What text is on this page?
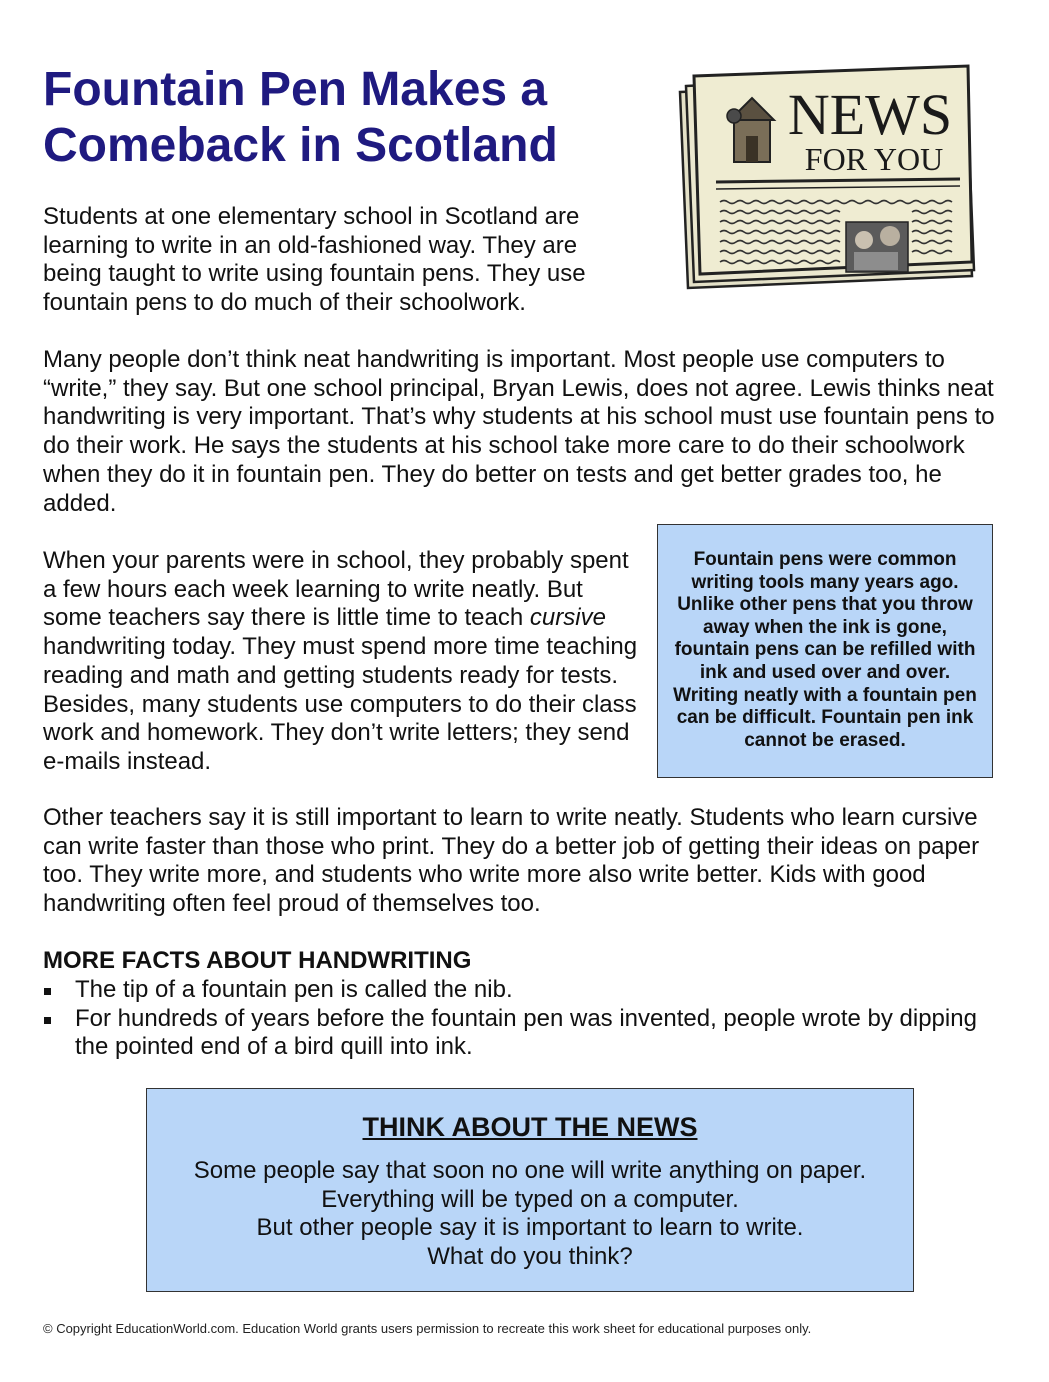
Fountain Pen Makes a Comeback in Scotland	NEWS
FOR YOU

Students at one elementary school in Scotland are learning to write in an old-fashioned way. They are being taught to write using fountain pens. They use fountain pens to do much of their schoolwork.

Many people don’t think neat handwriting is important. Most people use computers to “write,” they say. But one school principal, Bryan Lewis, does not agree. Lewis thinks neat handwriting is very important. That’s why students at his school must use fountain pens to do their work. He says the students at his school take more care to do their schoolwork when they do it in fountain pen. They do better on tests and get better grades too, he added.

When your parents were in school, they probably spent a few hours each week learning to write neatly. But some teachers say there is little time to teach cursive handwriting today. They must spend more time teaching reading and math and getting students ready for tests. Besides, many students use computers to do their class work and homework. They don’t write letters; they send e-mails instead.

Fountain pens were common writing tools many years ago. Unlike other pens that you throw away when the ink is gone, fountain pens can be refilled with ink and used over and over. Writing neatly with a fountain pen can be difficult. Fountain pen ink cannot be erased.

Other teachers say it is still important to learn to write neatly. Students who learn cursive can write faster than those who print. They do a better job of getting their ideas on paper too. They write more, and students who write more also write better. Kids with good handwriting often feel proud of themselves too.

MORE FACTS ABOUT HANDWRITING
The tip of a fountain pen is called the nib.
For hundreds of years before the fountain pen was invented, people wrote by dipping the pointed end of a bird quill into ink.
THINK ABOUT THE NEWS
Some people say that soon no one will write anything on paper.
Everything will be typed on a computer.
But other people say it is important to learn to write.
What do you think?

© Copyright EducationWorld.com. Education World grants users permission to recreate this work sheet for educational purposes only.
